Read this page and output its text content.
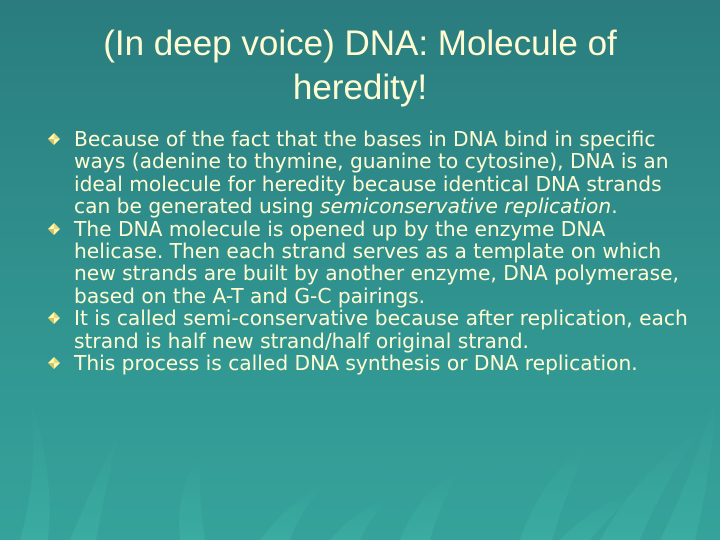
(In deep voice) DNA: Molecule of heredity!
Because of the fact that the bases in DNA bind in specific ways (adenine to thymine, guanine to cytosine), DNA is an ideal molecule for heredity because identical DNA strands can be generated using semiconservative replication.
The DNA molecule is opened up by the enzyme DNA helicase. Then each strand serves as a template on which new strands are built by another enzyme, DNA polymerase, based on the A-T and G-C pairings.
It is called semi-conservative because after replication, each strand is half new strand/half original strand.
This process is called DNA synthesis or DNA replication.
